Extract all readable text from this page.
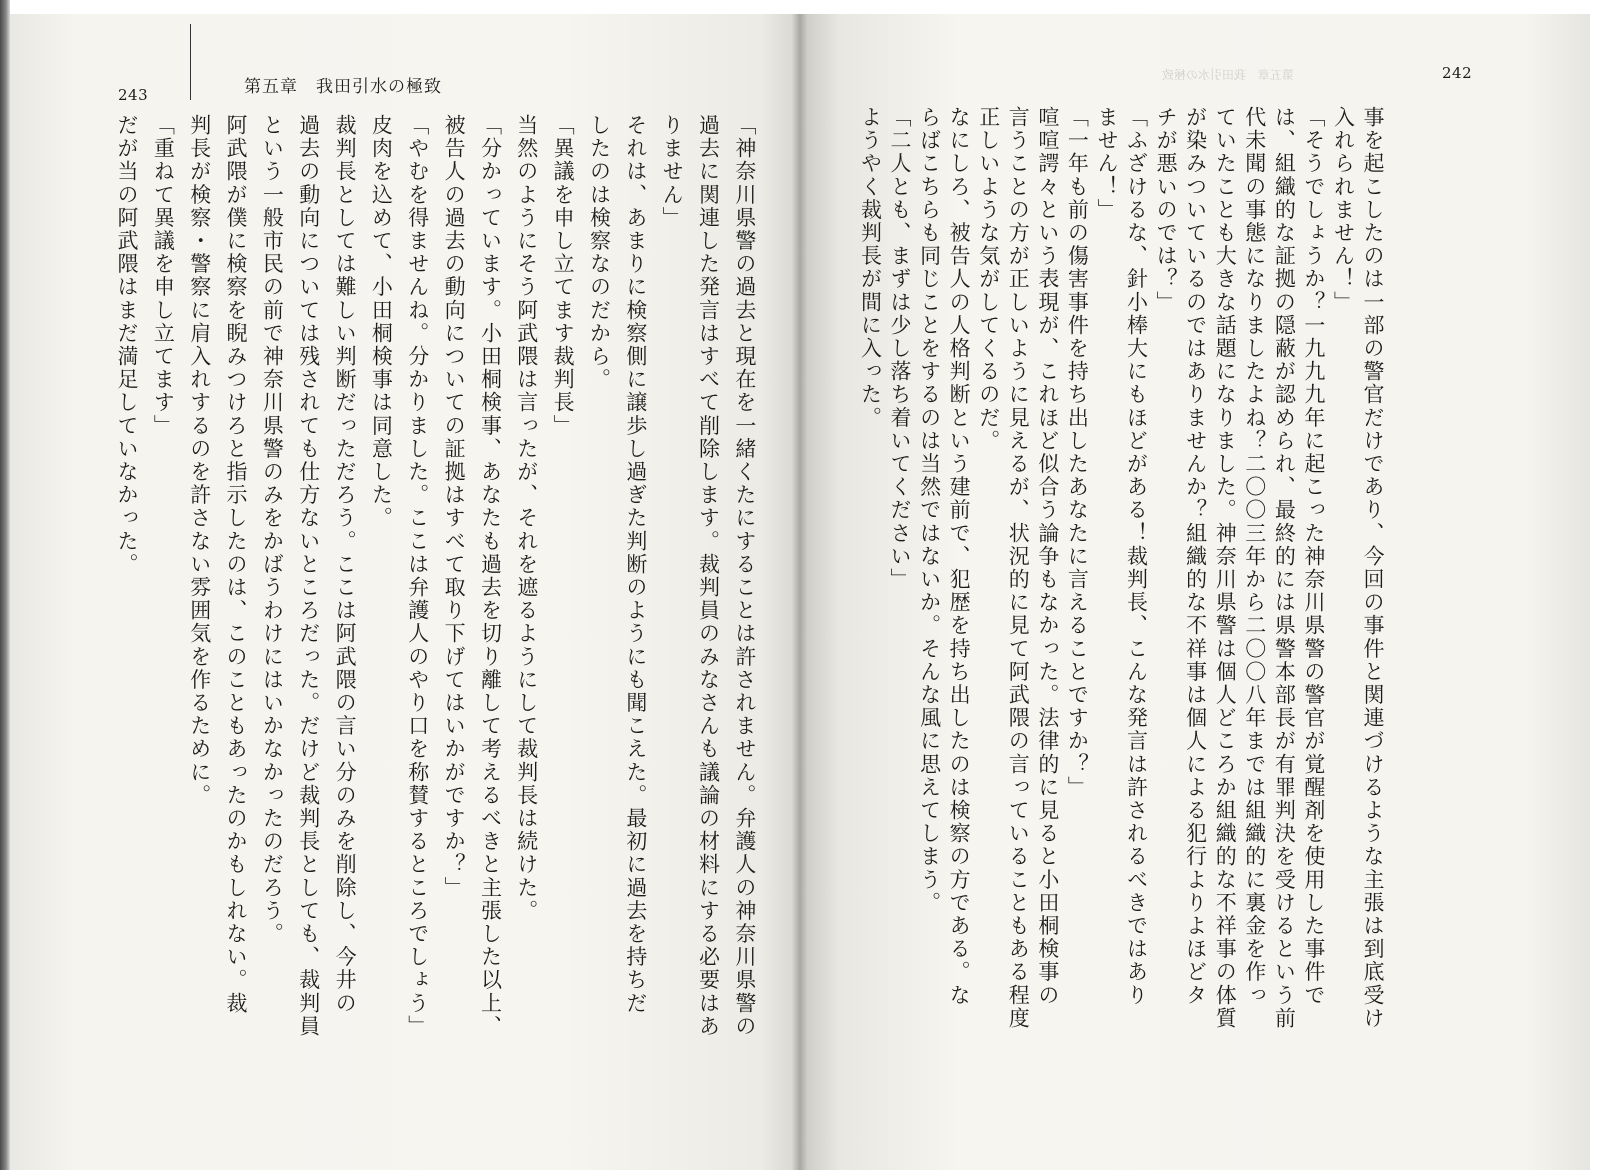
243	第五章　我田引水の極致
第五章　我田引水の極致	242
「神奈川県警の過去と現在を一緒くたにすることは許されません。弁護人の神奈川県警の
過去に関連した発言はすべて削除します。裁判員のみなさんも議論の材料にする必要はあ
りません」
それは、あまりに検察側に譲歩し過ぎた判断のようにも聞こえた。最初に過去を持ちだ
したのは検察なのだから。
「異議を申し立てます裁判長」
当然のようにそう阿武隈は言ったが、それを遮るようにして裁判長は続けた。
「分かっています。小田桐検事、あなたも過去を切り離して考えるべきと主張した以上、
被告人の過去の動向についての証拠はすべて取り下げてはいかがですか？」
「やむを得ませんね。分かりました。ここは弁護人のやり口を称賛するところでしょう」
皮肉を込めて、小田桐検事は同意した。
裁判長としては難しい判断だっただろう。ここは阿武隈の言い分のみを削除し、今井の
過去の動向については残されても仕方ないところだった。だけど裁判長としても、裁判員
という一般市民の前で神奈川県警のみをかばうわけにはいかなかったのだろう。
阿武隈が僕に検察を睨みつけろと指示したのは、このこともあったのかもしれない。裁
判長が検察・警察に肩入れするのを許さない雰囲気を作るために。
「重ねて異議を申し立てます」
だが当の阿武隈はまだ満足していなかった。	事を起こしたのは一部の警官だけであり、今回の事件と関連づけるような主張は到底受け
入れられません！」
「そうでしょうか？一九九九年に起こった神奈川県警の警官が覚醒剤を使用した事件で
は、組織的な証拠の隠蔽が認められ、最終的には県警本部長が有罪判決を受けるという前
代未聞の事態になりましたよね？二〇〇三年から二〇〇八年までは組織的に裏金を作っ
ていたことも大きな話題になりました。神奈川県警は個人どころか組織的な不祥事の体質
が染みついているのではありませんか？組織的な不祥事は個人による犯行よりよほどタ
チが悪いのでは？」
「ふざけるな、針小棒大にもほどがある！裁判長、こんな発言は許されるべきではあり
ません！」
「一年も前の傷害事件を持ち出したあなたに言えることですか？」
喧喧諤々という表現が、これほど似合う論争もなかった。法律的に見ると小田桐検事の
言うことの方が正しいように見えるが、状況的に見て阿武隈の言っていることもある程度
正しいような気がしてくるのだ。
なにしろ、被告人の人格判断という建前で、犯歴を持ち出したのは検察の方である。な
らばこちらも同じことをするのは当然ではないか。そんな風に思えてしまう。
「二人とも、まずは少し落ち着いてください」
ようやく裁判長が間に入った。
